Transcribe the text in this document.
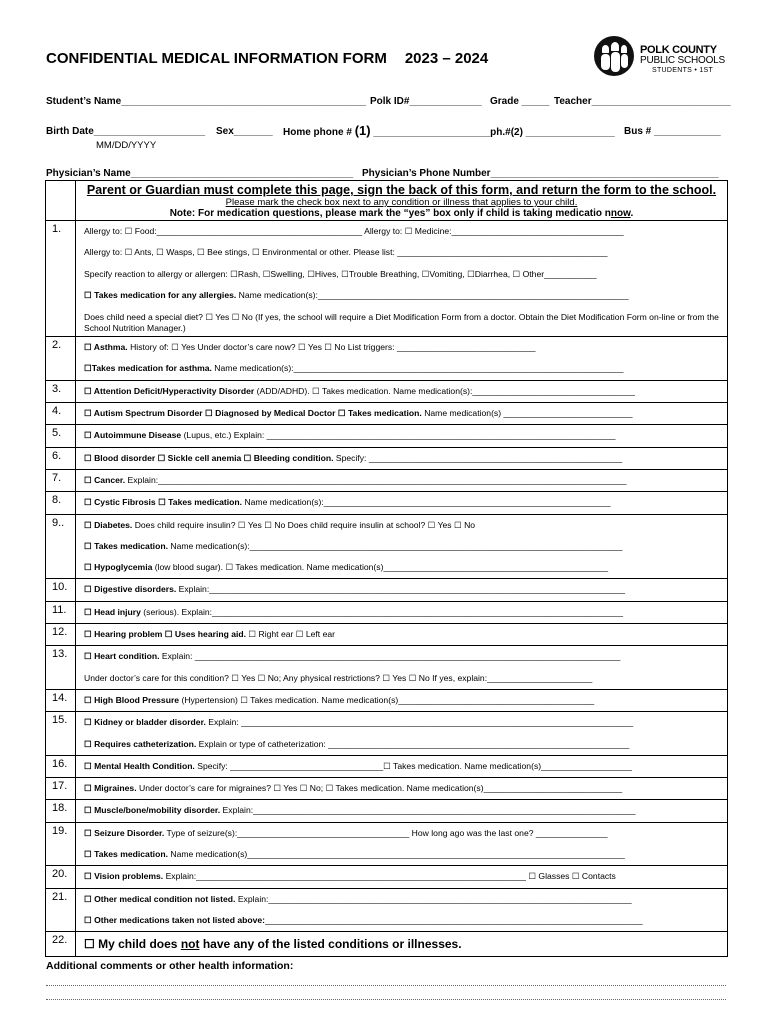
CONFIDENTIAL MEDICAL INFORMATION FORM 2023 – 2024	POLK COUNTY
PUBLIC SCHOOLS
STUDENTS • 1ST
Student’s Name____________________________________________ Polk ID#_____________ Grade _____ Teacher_________________________
Birth Date____________________ Sex_______ Home phone # (1) _____________________ph.#(2) ________________ Bus # ____________
MM/DD/YYYY
Physician’s Name________________________________________ Physician’s Phone Number_________________________________________

	Parent or Guardian must complete this page, sign the back of this form, and return the form to the school.
Please mark the check box next to any condition or illness that applies to your child.
Note: For medication questions, please mark the “yes” box only if child is taking medicatio nnow.

1.	Allergy to: ☐ Food:___________________________________________ Allergy to: ☐ Medicine:____________________________________
Allergy to: ☐ Ants, ☐ Wasps, ☐ Bee stings, ☐ Environmental or other. Please list: ____________________________________________
Specify reaction to allergy or allergen: ☐Rash, ☐Swelling, ☐Hives, ☐Trouble Breathing, ☐Vomiting, ☐Diarrhea, ☐ Other___________
☐ Takes medication for any allergies. Name medication(s):_________________________________________________________________
Does child need a special diet? ☐ Yes ☐ No (If yes, the school will require a Diet Modification Form from a doctor. Obtain the Diet Modification Form on-line or from the School Nutrition Manager.)

2.	☐ Asthma. History of: ☐ Yes Under doctor’s care now? ☐ Yes ☐ No List triggers: _____________________________
☐Takes medication for asthma. Name medication(s):_____________________________________________________________________

3.	☐ Attention Deficit/Hyperactivity Disorder (ADD/ADHD). ☐ Takes medication. Name medication(s):__________________________________

4.	☐ Autism Spectrum Disorder ☐ Diagnosed by Medical Doctor ☐ Takes medication. Name medication(s) ___________________________

5.	☐ Autoimmune Disease (Lupus, etc.) Explain: _________________________________________________________________________

6.	☐ Blood disorder ☐ Sickle cell anemia ☐ Bleeding condition. Specify: _____________________________________________________

7.	☐ Cancer. Explain:__________________________________________________________________________________________________

8.	☐ Cystic Fibrosis ☐ Takes medication. Name medication(s):____________________________________________________________

9..	☐ Diabetes. Does child require insulin? ☐ Yes ☐ No Does child require insulin at school? ☐ Yes ☐ No
☐ Takes medication. Name medication(s):______________________________________________________________________________
☐ Hypoglycemia (low blood sugar). ☐ Takes medication. Name medication(s)_______________________________________________

10.	☐ Digestive disorders. Explain:_______________________________________________________________________________________

11.	☐ Head injury (serious). Explain:______________________________________________________________________________________

12.	☐ Hearing problem ☐ Uses hearing aid. ☐ Right ear ☐ Left ear

13.	☐ Heart condition. Explain: _________________________________________________________________________________________
Under doctor’s care for this condition? ☐ Yes ☐ No; Any physical restrictions? ☐ Yes ☐ No If yes, explain:______________________

14.	☐ High Blood Pressure (Hypertension) ☐ Takes medication. Name medication(s)_________________________________________

15.	☐ Kidney or bladder disorder. Explain: __________________________________________________________________________________
☐ Requires catheterization. Explain or type of catheterization: _______________________________________________________________

16.	☐ Mental Health Condition. Specify: ________________________________☐ Takes medication. Name medication(s)___________________

17.	☐ Migraines. Under doctor’s care for migraines? ☐ Yes ☐ No; ☐ Takes medication. Name medication(s)_____________________________

18.	☐ Muscle/bone/mobility disorder. Explain:________________________________________________________________________________

19.	☐ Seizure Disorder. Type of seizure(s):____________________________________ How long ago was the last one? _______________
☐ Takes medication. Name medication(s)_______________________________________________________________________________

20.	☐ Vision problems. Explain:_____________________________________________________________________ ☐ Glasses ☐ Contacts

21.	☐ Other medical condition not listed. Explain:____________________________________________________________________________
☐ Other medications taken not listed above:_______________________________________________________________________________

22.	☐ My child does not have any of the listed conditions or illnesses.
Additional comments or other health information:
